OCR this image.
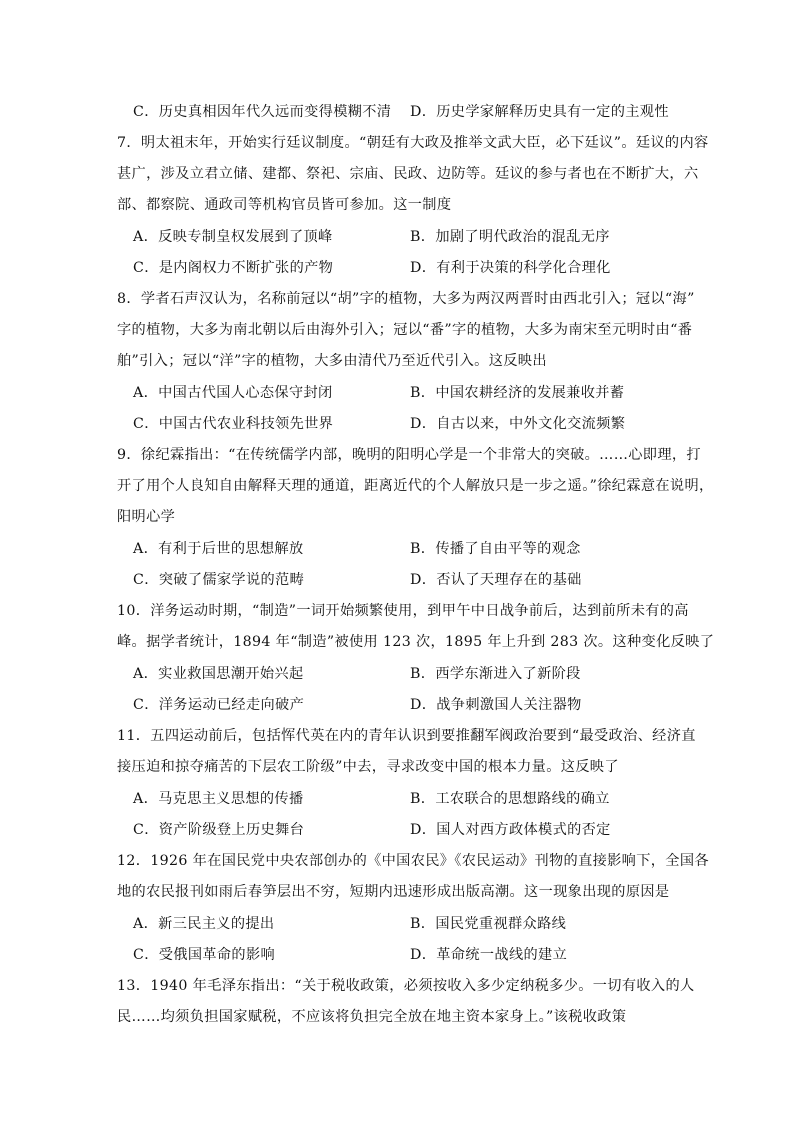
C．历史真相因年代久远而变得模糊不清 D．历史学家解释历史具有一定的主观性
7．明太祖末年，开始实行廷议制度。“朝廷有大政及推举文武大臣，必下廷议”。廷议的内容
甚广，涉及立君立储、建都、祭祀、宗庙、民政、边防等。廷议的参与者也在不断扩大，六
部、都察院、通政司等机构官员皆可参加。这一制度
A．反映专制皇权发展到了顶峰	B．加剧了明代政治的混乱无序
C．是内阁权力不断扩张的产物	D．有利于决策的科学化合理化
8．学者石声汉认为，名称前冠以“胡”字的植物，大多为两汉两晋时由西北引入；冠以“海”
字的植物，大多为南北朝以后由海外引入；冠以“番”字的植物，大多为南宋至元明时由“番
舶”引入；冠以“洋”字的植物，大多由清代乃至近代引入。这反映出
A．中国古代国人心态保守封闭	B．中国农耕经济的发展兼收并蓄
C．中国古代农业科技领先世界	D．自古以来，中外文化交流频繁
9．徐纪霖指出：“在传统儒学内部，晚明的阳明心学是一个非常大的突破。……心即理，打
开了用个人良知自由解释天理的通道，距离近代的个人解放只是一步之遥。”徐纪霖意在说明，
阳明心学
A．有利于后世的思想解放	B．传播了自由平等的观念
C．突破了儒家学说的范畴	D．否认了天理存在的基础
10．洋务运动时期，“制造”一词开始频繁使用，到甲午中日战争前后，达到前所未有的高
峰。据学者统计，1894 年“制造”被使用 123 次，1895 年上升到 283 次。这种变化反映了
A．实业救国思潮开始兴起	B．西学东渐进入了新阶段
C．洋务运动已经走向破产	D．战争刺激国人关注器物
11．五四运动前后，包括恽代英在内的青年认识到要推翻军阀政治要到“最受政治、经济直
接压迫和掠夺痛苦的下层农工阶级”中去，寻求改变中国的根本力量。这反映了
A．马克思主义思想的传播	B．工农联合的思想路线的确立
C．资产阶级登上历史舞台	D．国人对西方政体模式的否定
12．1926 年在国民党中央农部创办的《中国农民》《农民运动》刊物的直接影响下，全国各
地的农民报刊如雨后春笋层出不穷，短期内迅速形成出版高潮。这一现象出现的原因是
A．新三民主义的提出	B．国民党重视群众路线
C．受俄国革命的影响	D．革命统一战线的建立
13．1940 年毛泽东指出：“关于税收政策，必须按收入多少定纳税多少。一切有收入的人
民……均须负担国家赋税，不应该将负担完全放在地主资本家身上。”该税收政策
